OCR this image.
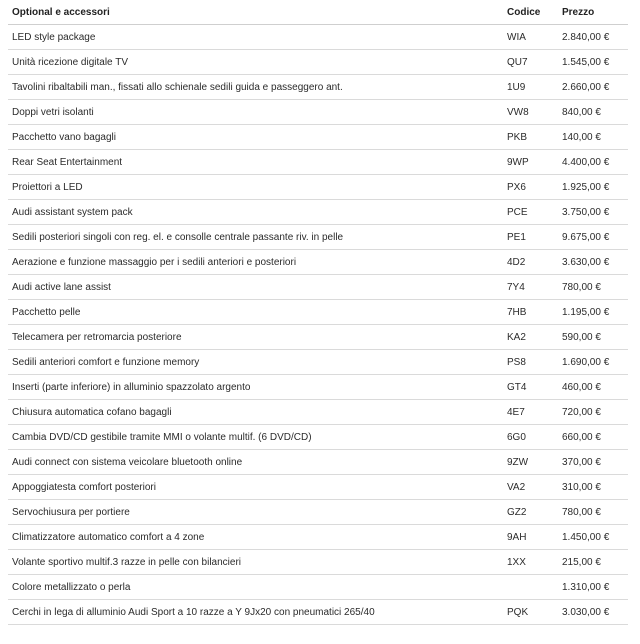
Optional e accessori	Codice	Prezzo
LED style package	WIA	2.840,00 €
Unità ricezione digitale TV	QU7	1.545,00 €
Tavolini ribaltabili man., fissati allo schienale sedili guida e passeggero ant.	1U9	2.660,00 €
Doppi vetri isolanti	VW8	840,00 €
Pacchetto vano bagagli	PKB	140,00 €
Rear Seat Entertainment	9WP	4.400,00 €
Proiettori a LED	PX6	1.925,00 €
Audi assistant system pack	PCE	3.750,00 €
Sedili posteriori singoli con reg. el. e consolle centrale passante riv. in pelle	PE1	9.675,00 €
Aerazione e funzione massaggio per i sedili anteriori e posteriori	4D2	3.630,00 €
Audi active lane assist	7Y4	780,00 €
Pacchetto pelle	7HB	1.195,00 €
Telecamera per retromarcia posteriore	KA2	590,00 €
Sedili anteriori comfort e funzione memory	PS8	1.690,00 €
Inserti (parte inferiore) in alluminio spazzolato argento	GT4	460,00 €
Chiusura automatica cofano bagagli	4E7	720,00 €
Cambia DVD/CD gestibile tramite MMI o volante multif. (6 DVD/CD)	6G0	660,00 €
Audi connect con sistema veicolare bluetooth online	9ZW	370,00 €
Appoggiatesta comfort posteriori	VA2	310,00 €
Servochiusura per portiere	GZ2	780,00 €
Climatizzatore automatico comfort a 4 zone	9AH	1.450,00 €
Volante sportivo multif.3 razze in pelle con bilancieri	1XX	215,00 €
Colore metallizzato o perla		1.310,00 €
Cerchi in lega di alluminio Audi Sport a 10 razze a Y 9Jx20 con pneumatici 265/40	PQK	3.030,00 €
